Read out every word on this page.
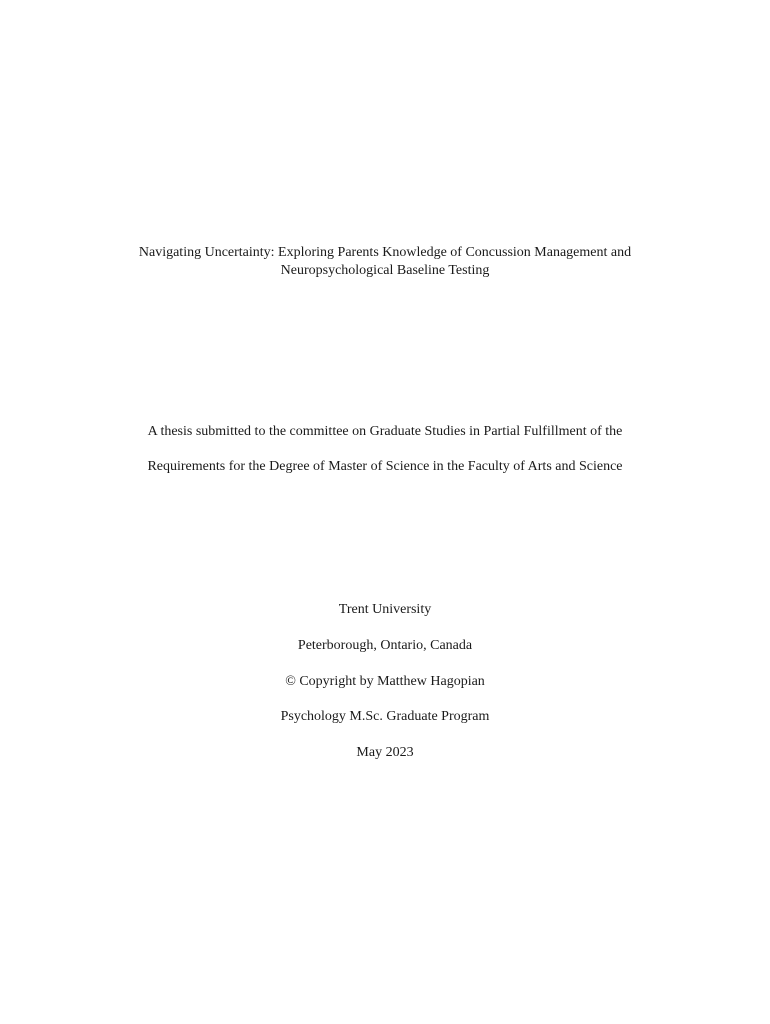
Navigating Uncertainty: Exploring Parents Knowledge of Concussion Management and
Neuropsychological Baseline Testing
A thesis submitted to the committee on Graduate Studies in Partial Fulfillment of the
Requirements for the Degree of Master of Science in the Faculty of Arts and Science
Trent University
Peterborough, Ontario, Canada
© Copyright by Matthew Hagopian
Psychology M.Sc. Graduate Program
May 2023
